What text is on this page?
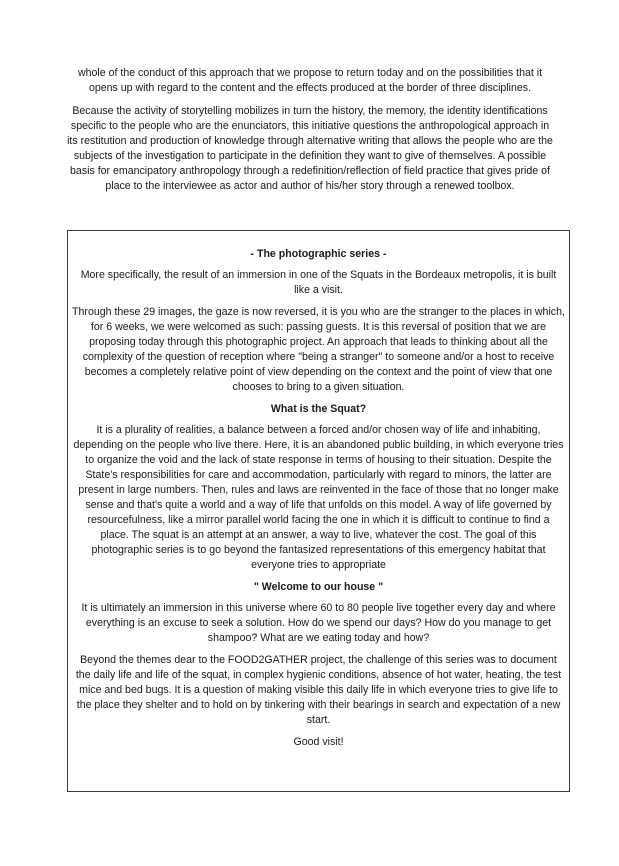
whole of the conduct of this approach that we propose to return today and on the possibilities that it opens up with regard to the content and the effects produced at the border of three disciplines.

Because the activity of storytelling mobilizes in turn the history, the memory, the identity identifications specific to the people who are the enunciators, this initiative questions the anthropological approach in its restitution and production of knowledge through alternative writing that allows the people who are the subjects of the investigation to participate in the definition they want to give of themselves. A possible basis for emancipatory anthropology through a redefinition/reflection of field practice that gives pride of place to the interviewee as actor and author of his/her story through a renewed toolbox.

- The photographic series -

More specifically, the result of an immersion in one of the Squats in the Bordeaux metropolis, it is built like a visit.

Through these 29 images, the gaze is now reversed, it is you who are the stranger to the places in which, for 6 weeks, we were welcomed as such: passing guests. It is this reversal of position that we are proposing today through this photographic project. An approach that leads to thinking about all the complexity of the question of reception where "being a stranger" to someone and/or a host to receive becomes a completely relative point of view depending on the context and the point of view that one chooses to bring to a given situation.

What is the Squat?

It is a plurality of realities, a balance between a forced and/or chosen way of life and inhabiting, depending on the people who live there. Here, it is an abandoned public building, in which everyone tries to organize the void and the lack of state response in terms of housing to their situation. Despite the State's responsibilities for care and accommodation, particularly with regard to minors, the latter are present in large numbers. Then, rules and laws are reinvented in the face of those that no longer make sense and that's quite a world and a way of life that unfolds on this model. A way of life governed by resourcefulness, like a mirror parallel world facing the one in which it is difficult to continue to find a place. The squat is an attempt at an answer, a way to live, whatever the cost. The goal of this photographic series is to go beyond the fantasized representations of this emergency habitat that everyone tries to appropriate

" Welcome to our house "

It is ultimately an immersion in this universe where 60 to 80 people live together every day and where everything is an excuse to seek a solution. How do we spend our days? How do you manage to get shampoo? What are we eating today and how?

Beyond the themes dear to the FOOD2GATHER project, the challenge of this series was to document the daily life and life of the squat, in complex hygienic conditions, absence of hot water, heating, the test mice and bed bugs. It is a question of making visible this daily life in which everyone tries to give life to the place they shelter and to hold on by tinkering with their bearings in search and expectation of a new start.

Good visit!
